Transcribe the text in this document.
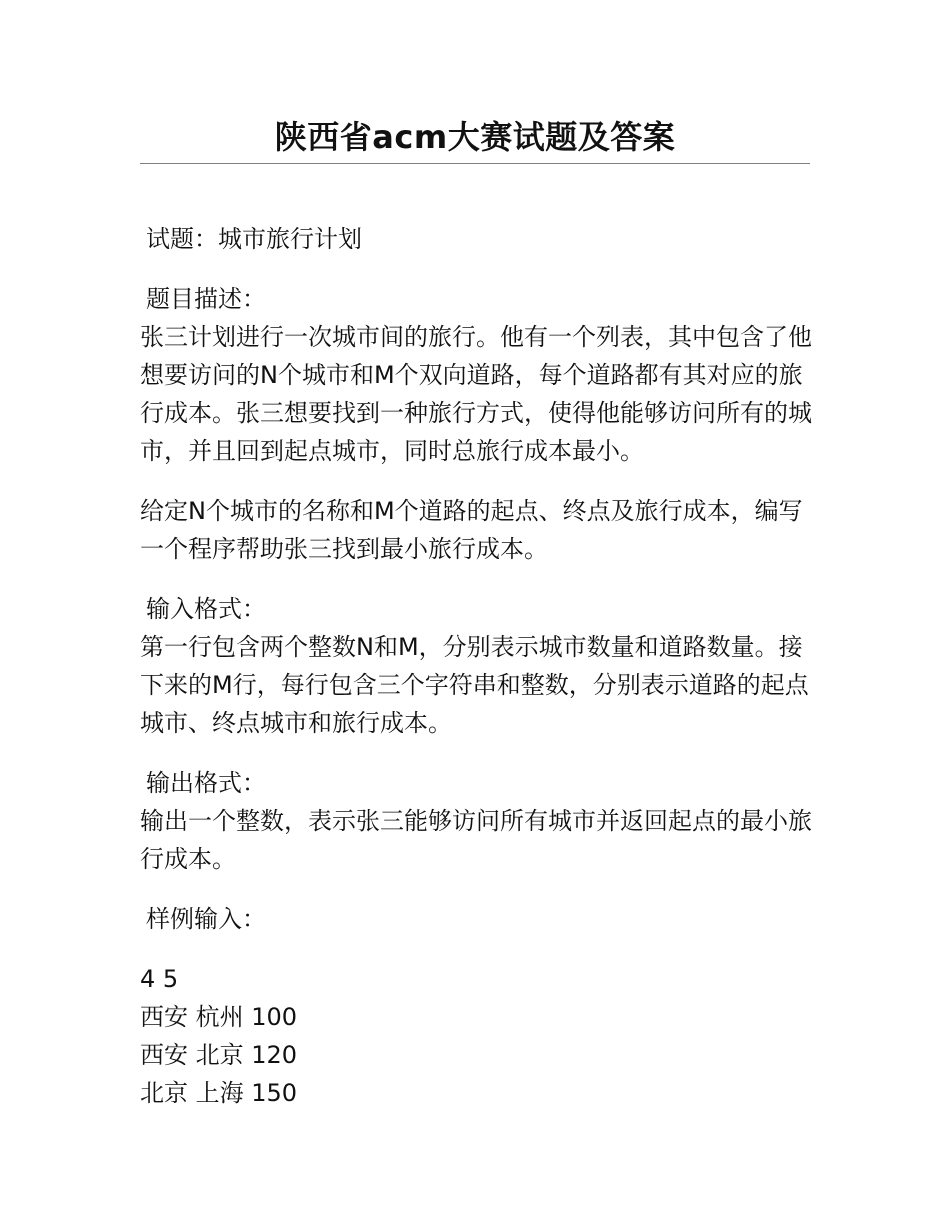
陕西省acm大赛试题及答案

试题：城市旅行计划

题目描述：

张三计划进行一次城市间的旅行。他有一个列表，其中包含了他想要访问的N个城市和M个双向道路，每个道路都有其对应的旅行成本。张三想要找到一种旅行方式，使得他能够访问所有的城市，并且回到起点城市，同时总旅行成本最小。

给定N个城市的名称和M个道路的起点、终点及旅行成本，编写一个程序帮助张三找到最小旅行成本。

输入格式：

第一行包含两个整数N和M，分别表示城市数量和道路数量。接下来的M行，每行包含三个字符串和整数，分别表示道路的起点城市、终点城市和旅行成本。

输出格式：

输出一个整数，表示张三能够访问所有城市并返回起点的最小旅行成本。

样例输入：

4 5

西安 杭州 100

西安 北京 120

北京 上海 150
